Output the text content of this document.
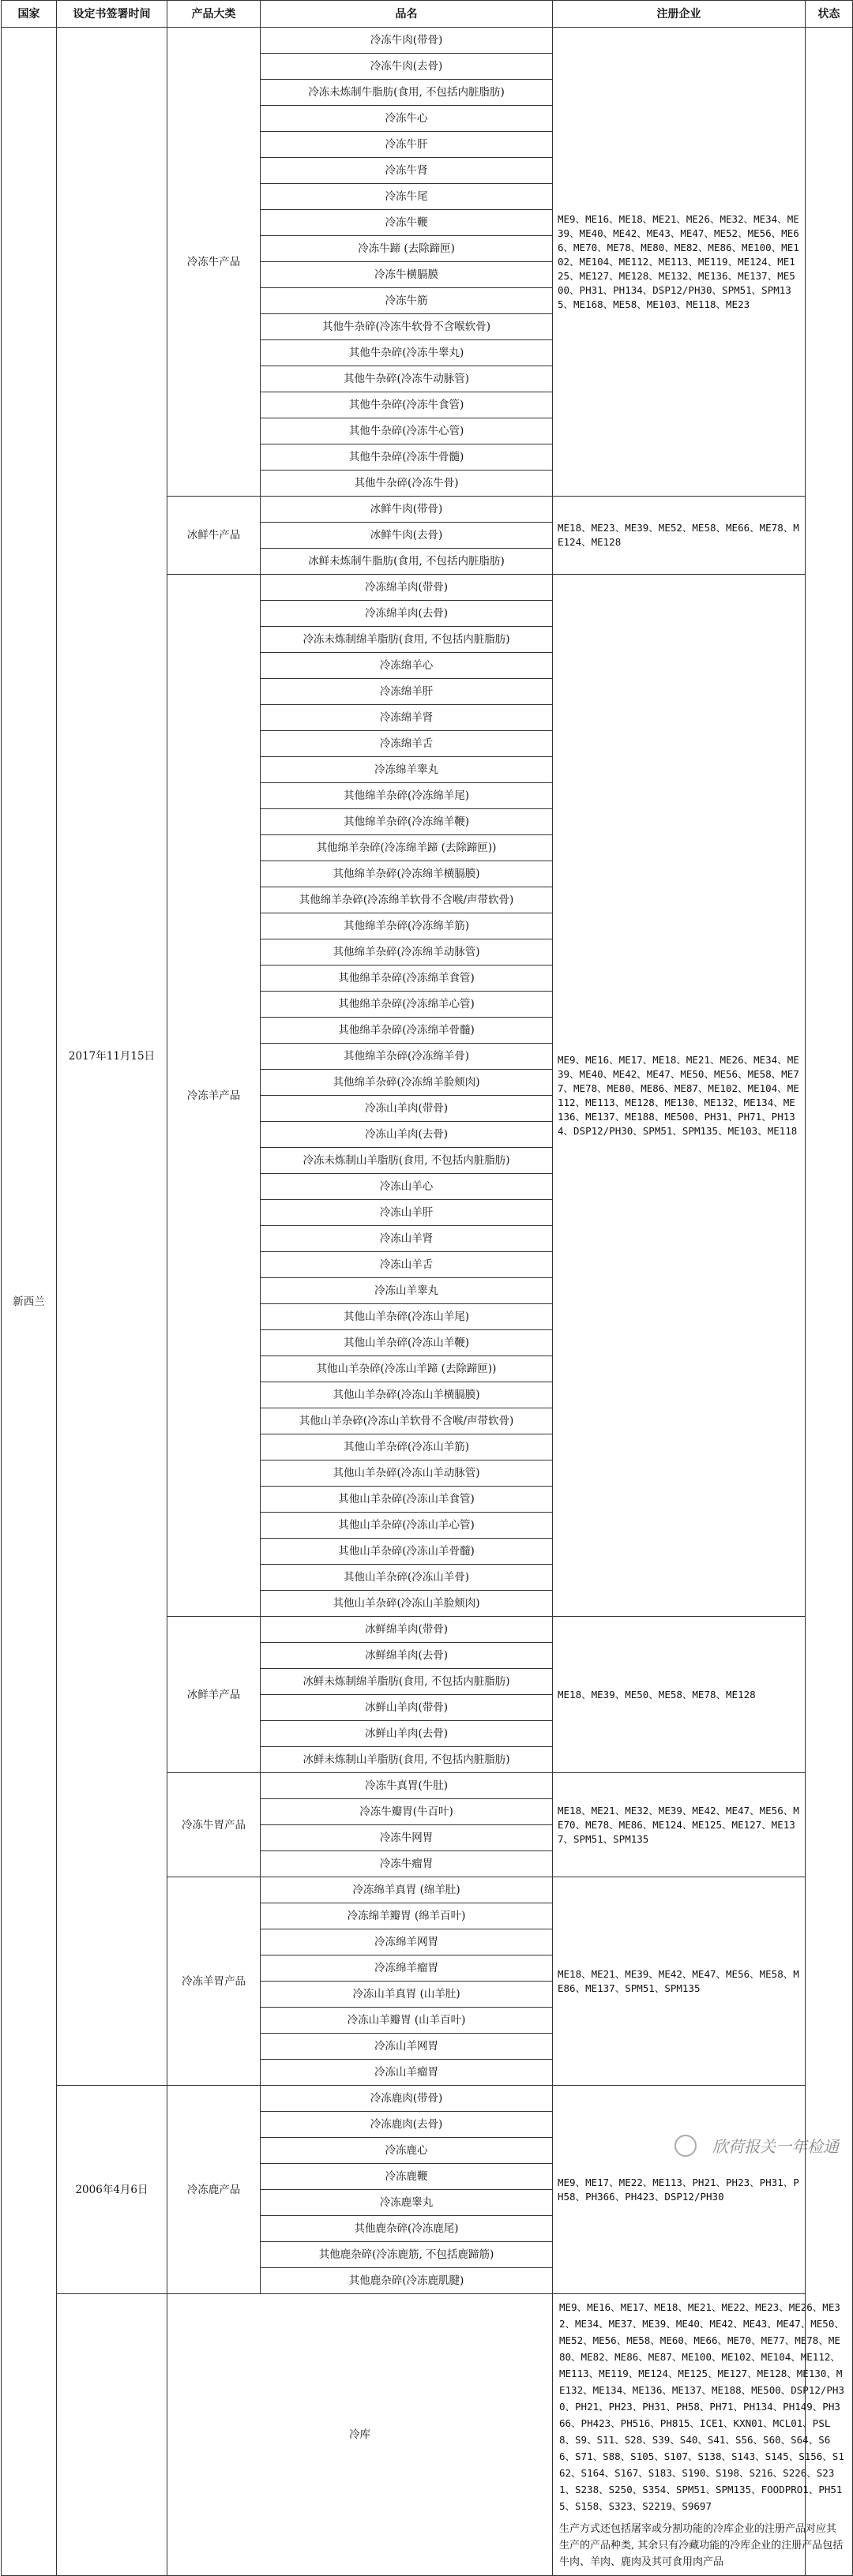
国家	设定书签署时间	产品大类	品名	注册企业	状态
新西兰	2017年11月15日	冷冻牛产品	冷冻牛肉(带骨)	ME9、ME16、ME18、ME21、ME26、ME32、ME34、ME39、ME40、ME42、ME43、ME47、ME52、ME56、ME66、ME70、ME78、ME80、ME82、ME86、ME100、ME102、ME104、ME112、ME113、ME119、ME124、ME125、ME127、ME128、ME132、ME136、ME137、ME500、PH31、PH134、DSP12/PH30、SPM51、SPM135、ME168、ME58、ME103、ME118、ME23	
			冷冻牛肉(去骨)		
			冷冻未炼制牛脂肪(食用, 不包括内脏脂肪)		
			冷冻牛心		
			冷冻牛肝		
			冷冻牛肾		
			冷冻牛尾		
			冷冻牛鞭		
			冷冻牛蹄 (去除蹄匣)		
			冷冻牛横膈膜		
			冷冻牛筋		
			其他牛杂碎(冷冻牛软骨不含喉软骨)		
			其他牛杂碎(冷冻牛睾丸)		
			其他牛杂碎(冷冻牛动脉管)		
			其他牛杂碎(冷冻牛食管)		
			其他牛杂碎(冷冻牛心管)		
			其他牛杂碎(冷冻牛骨髓)		
			其他牛杂碎(冷冻牛骨)		
		冰鲜牛产品	冰鲜牛肉(带骨)	ME18、ME23、ME39、ME52、ME58、ME66、ME78、ME124、ME128	
			冰鲜牛肉(去骨)		
			冰鲜未炼制牛脂肪(食用, 不包括内脏脂肪)		
		冷冻羊产品	冷冻绵羊肉(带骨)	ME9、ME16、ME17、ME18、ME21、ME26、ME34、ME39、ME40、ME42、ME47、ME50、ME56、ME58、ME77、ME78、ME80、ME86、ME87、ME102、ME104、ME112、ME113、ME128、ME130、ME132、ME134、ME136、ME137、ME188、ME500、PH31、PH71、PH134、DSP12/PH30、SPM51、SPM135、ME103、ME118	
			冷冻绵羊肉(去骨)		
			冷冻未炼制绵羊脂肪(食用, 不包括内脏脂肪)		
			冷冻绵羊心		
			冷冻绵羊肝		
			冷冻绵羊肾		
			冷冻绵羊舌		
			冷冻绵羊睾丸		
			其他绵羊杂碎(冷冻绵羊尾)		
			其他绵羊杂碎(冷冻绵羊鞭)		
			其他绵羊杂碎(冷冻绵羊蹄 (去除蹄匣))		
			其他绵羊杂碎(冷冻绵羊横膈膜)		
			其他绵羊杂碎(冷冻绵羊软骨不含喉/声带软骨)		
			其他绵羊杂碎(冷冻绵羊筋)		
			其他绵羊杂碎(冷冻绵羊动脉管)		
			其他绵羊杂碎(冷冻绵羊食管)		
			其他绵羊杂碎(冷冻绵羊心管)		
			其他绵羊杂碎(冷冻绵羊骨髓)		
			其他绵羊杂碎(冷冻绵羊骨)		
			其他绵羊杂碎(冷冻绵羊脸颊肉)		
			冷冻山羊肉(带骨)		
			冷冻山羊肉(去骨)		
			冷冻未炼制山羊脂肪(食用, 不包括内脏脂肪)		
			冷冻山羊心		
			冷冻山羊肝		
			冷冻山羊肾		
			冷冻山羊舌		
			冷冻山羊睾丸		
			其他山羊杂碎(冷冻山羊尾)		
			其他山羊杂碎(冷冻山羊鞭)		
			其他山羊杂碎(冷冻山羊蹄 (去除蹄匣))		
			其他山羊杂碎(冷冻山羊横膈膜)		
			其他山羊杂碎(冷冻山羊软骨不含喉/声带软骨)		
			其他山羊杂碎(冷冻山羊筋)		
			其他山羊杂碎(冷冻山羊动脉管)		
			其他山羊杂碎(冷冻山羊食管)		
			其他山羊杂碎(冷冻山羊心管)		
			其他山羊杂碎(冷冻山羊骨髓)		
			其他山羊杂碎(冷冻山羊骨)		
			其他山羊杂碎(冷冻山羊脸颊肉)		
		冰鲜羊产品	冰鲜绵羊肉(带骨)	ME18、ME39、ME50、ME58、ME78、ME128	
			冰鲜绵羊肉(去骨)		
			冰鲜未炼制绵羊脂肪(食用, 不包括内脏脂肪)		
			冰鲜山羊肉(带骨)		
			冰鲜山羊肉(去骨)		
			冰鲜未炼制山羊脂肪(食用, 不包括内脏脂肪)		
		冷冻牛胃产品	冷冻牛真胃(牛肚)	ME18、ME21、ME32、ME39、ME42、ME47、ME56、ME70、ME78、ME86、ME124、ME125、ME127、ME137、SPM51、SPM135	
			冷冻牛瓣胃(牛百叶)		
			冷冻牛网胃		
			冷冻牛瘤胃		
		冷冻羊胃产品	冷冻绵羊真胃 (绵羊肚)	ME18、ME21、ME39、ME42、ME47、ME56、ME58、ME86、ME137、SPM51、SPM135	
			冷冻绵羊瓣胃 (绵羊百叶)		
			冷冻绵羊网胃		
			冷冻绵羊瘤胃		
			冷冻山羊真胃 (山羊肚)		
			冷冻山羊瓣胃 (山羊百叶)		
			冷冻山羊网胃		
			冷冻山羊瘤胃		
	2006年4月6日	冷冻鹿产品	冷冻鹿肉(带骨)	ME9、ME17、ME22、ME113、PH21、PH23、PH31、PH58、PH366、PH423、DSP12/PH30	
			冷冻鹿肉(去骨)		
			冷冻鹿心		
			冷冻鹿鞭		
			冷冻鹿睾丸		
			其他鹿杂碎(冷冻鹿尾)		
			其他鹿杂碎(冷冻鹿筋, 不包括鹿蹄筋)		
			其他鹿杂碎(冷冻鹿肌腱)		
		冷库		ME9、ME16、ME17、ME18、ME21、ME22、ME23、ME26、ME32、ME34、ME37、ME39、ME40、ME42、ME43、ME47、ME50、ME52、ME56、ME58、ME60、ME66、ME70、ME77、ME78、ME80、ME82、ME86、ME87、ME100、ME102、ME104、ME112、ME113、ME119、ME124、ME125、ME127、ME128、ME130、ME132、ME134、ME136、ME137、ME188、ME500、DSP12/PH30、PH21、PH23、PH31、PH58、PH71、PH134、PH149、PH366、PH423、PH516、PH815、ICE1、KXN01、MCL01、PSL8、S9、S11、S28、S39、S40、S41、S56、S60、S64、S66、S71、S88、S105、S107、S138、S143、S145、S156、S162、S164、S167、S183、S190、S198、S216、S226、S231、S238、S250、S354、SPM51、SPM135、FOODPRO1、PH515、S158、S323、S2219、S9697
生产方式还包括屠宰或分割功能的冷库企业的注册产品对应其生产的产品种类, 其余只有冷藏功能的冷库企业的注册产品包括牛肉、羊肉、鹿肉及其可食用肉产品	
欣荷报关一年检通
